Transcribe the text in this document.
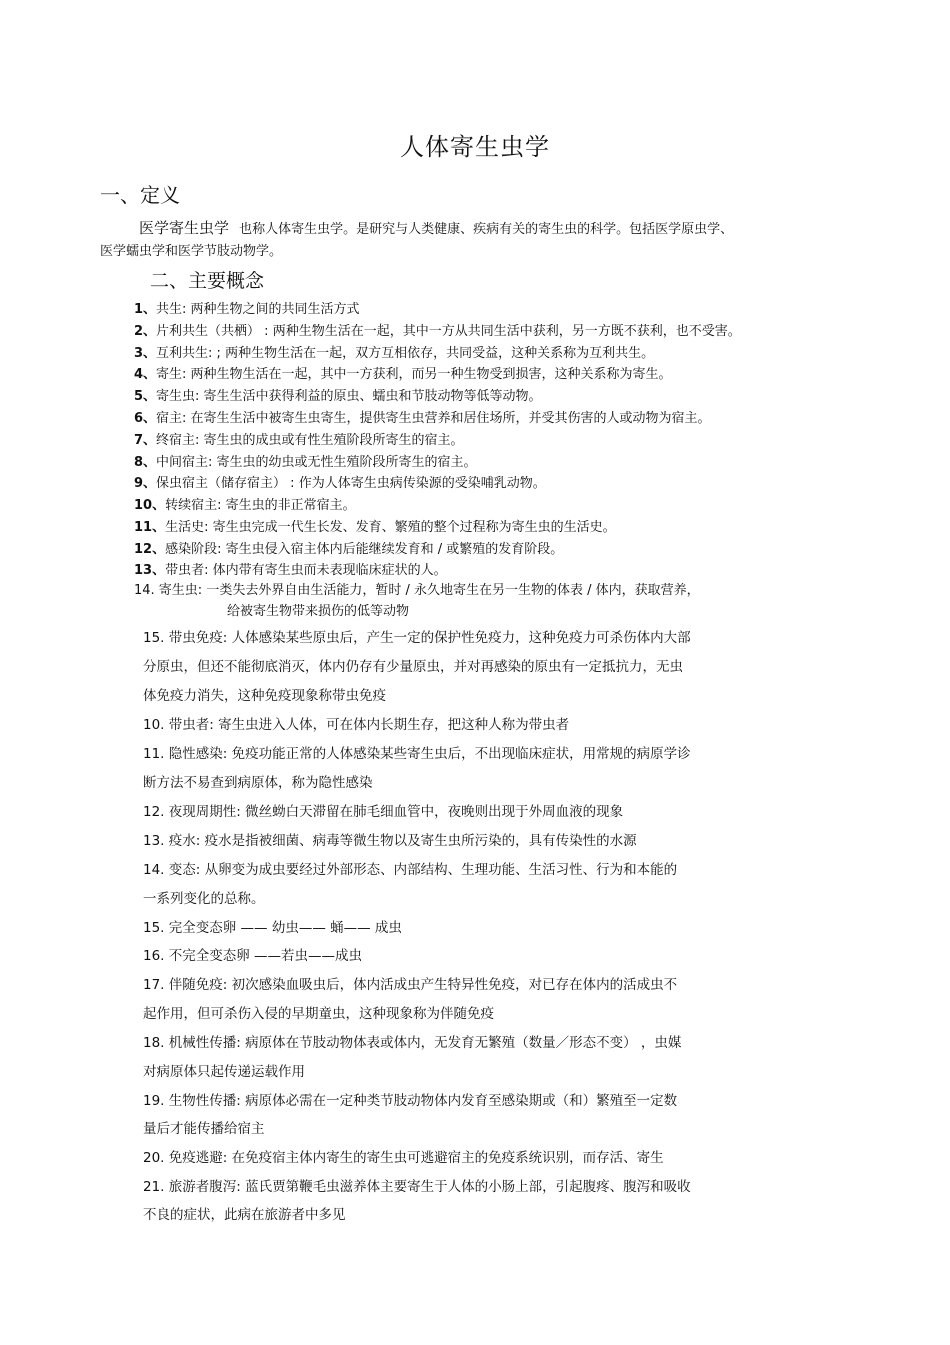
人体寄生虫学
一、定义
医学寄生虫学 也称人体寄生虫学。是研究与人类健康、疾病有关的寄生虫的科学。包括医学原虫学、
医学蠕虫学和医学节肢动物学。
二、主要概念
1、共生: 两种生物之间的共同生活方式
2、片利共生（共栖） : 两种生物生活在一起，其中一方从共同生活中获利，另一方既不获利，也不受害。
3、互利共生: ; 两种生物生活在一起，双方互相依存，共同受益，这种关系称为互利共生。
4、寄生: 两种生物生活在一起，其中一方获利，而另一种生物受到损害，这种关系称为寄生。
5、寄生虫: 寄生生活中获得利益的原虫、蠕虫和节肢动物等低等动物。
6、宿主: 在寄生生活中被寄生虫寄生，提供寄生虫营养和居住场所，并受其伤害的人或动物为宿主。
7、终宿主: 寄生虫的成虫或有性生殖阶段所寄生的宿主。
8、中间宿主: 寄生虫的幼虫或无性生殖阶段所寄生的宿主。
9、保虫宿主（储存宿主） : 作为人体寄生虫病传染源的受染哺乳动物。
10、转续宿主: 寄生虫的非正常宿主。
11、生活史: 寄生虫完成一代生长发、发育、繁殖的整个过程称为寄生虫的生活史。
12、感染阶段: 寄生虫侵入宿主体内后能继续发育和 / 或繁殖的发育阶段。
13、带虫者: 体内带有寄生虫而未表现临床症状的人。
14. 寄生虫: 一类失去外界自由生活能力，暂时 / 永久地寄生在另一生物的体表 / 体内，获取营养，
给被寄生物带来损伤的低等动物
15. 带虫免疫: 人体感染某些原虫后，产生一定的保护性免疫力，这种免疫力可杀伤体内大部
分原虫，但还不能彻底消灭，体内仍存有少量原虫，并对再感染的原虫有一定抵抗力，无虫
体免疫力消失，这种免疫现象称带虫免疫
10. 带虫者: 寄生虫进入人体，可在体内长期生存，把这种人称为带虫者
11. 隐性感染: 免疫功能正常的人体感染某些寄生虫后，不出现临床症状，用常规的病原学诊
断方法不易查到病原体，称为隐性感染
12. 夜现周期性: 微丝蚴白天滞留在肺毛细血管中，夜晚则出现于外周血液的现象
13. 疫水: 疫水是指被细菌、病毒等微生物以及寄生虫所污染的，具有传染性的水源
14. 变态: 从卵变为成虫要经过外部形态、内部结构、生理功能、生活习性、行为和本能的
一系列变化的总称。
15. 完全变态卵 —— 幼虫—— 蛹—— 成虫
16. 不完全变态卵 ——若虫——成虫
17. 伴随免疫: 初次感染血吸虫后，体内活成虫产生特异性免疫，对已存在体内的活成虫不
起作用，但可杀伤入侵的早期童虫，这种现象称为伴随免疫
18. 机械性传播: 病原体在节肢动物体表或体内，无发育无繁殖（数量／形态不变） ，虫媒
对病原体只起传递运载作用
19. 生物性传播: 病原体必需在一定种类节肢动物体内发育至感染期或（和）繁殖至一定数
量后才能传播给宿主
20. 免疫逃避: 在免疫宿主体内寄生的寄生虫可逃避宿主的免疫系统识别，而存活、寄生
21. 旅游者腹泻: 蓝氏贾第鞭毛虫滋养体主要寄生于人体的小肠上部，引起腹疼、腹泻和吸收
不良的症状，此病在旅游者中多见
